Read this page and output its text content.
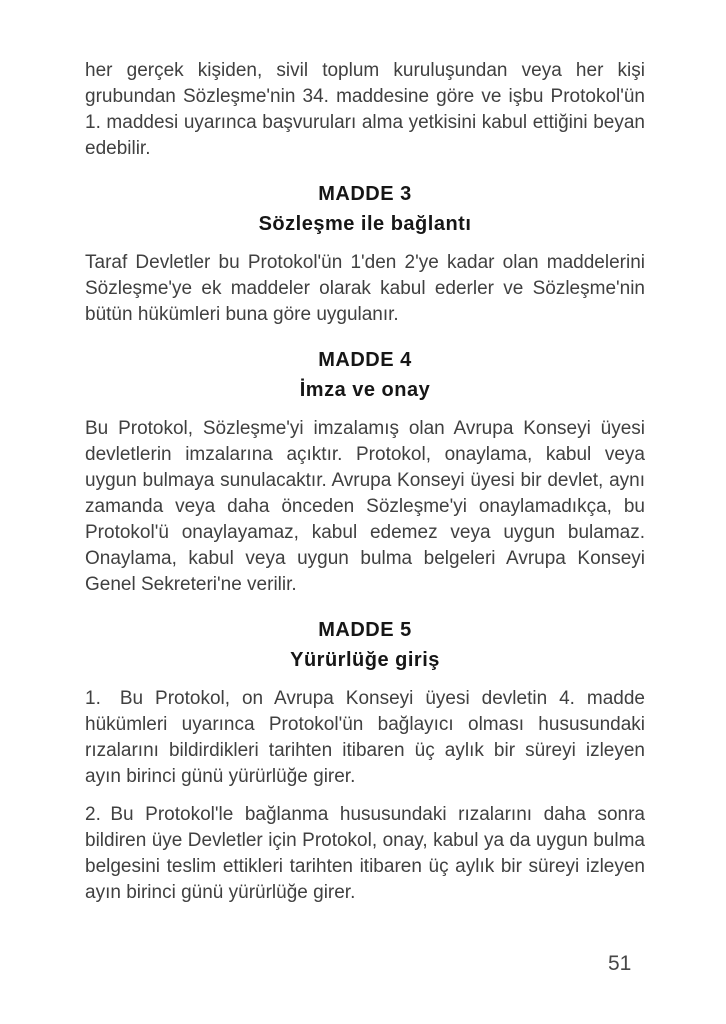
her gerçek kişiden, sivil toplum kuruluşundan veya her kişi grubundan Sözleşme'nin 34. maddesine göre ve işbu Protokol'ün 1. maddesi uyarınca başvuruları alma yetkisini kabul ettiğini beyan edebilir.

MADDE 3
Sözleşme ile bağlantı

Taraf Devletler bu Protokol'ün 1'den 2'ye kadar olan maddelerini Sözleşme'ye ek maddeler olarak kabul ederler ve Sözleşme'nin bütün hükümleri buna göre uygulanır.

MADDE 4
İmza ve onay

Bu Protokol, Sözleşme'yi imzalamış olan Avrupa Konseyi üyesi devletlerin imzalarına açıktır. Protokol, onaylama, kabul veya uygun bulmaya sunulacaktır. Avrupa Konseyi üyesi bir devlet, aynı zamanda veya daha önceden Sözleşme'yi onaylamadıkça, bu Protokol'ü onaylayamaz, kabul edemez veya uygun bulamaz. Onaylama, kabul veya uygun bulma belgeleri Avrupa Konseyi Genel Sekreteri'ne verilir.

MADDE 5
Yürürlüğe giriş

1.  Bu Protokol, on Avrupa Konseyi üyesi devletin 4. madde hükümleri uyarınca Protokol'ün bağlayıcı olması hususundaki rızalarını bildirdikleri tarihten itibaren üç aylık bir süreyi izleyen ayın birinci günü yürürlüğe girer.

2. Bu Protokol'le bağlanma hususundaki rızalarını daha sonra bildiren üye Devletler için Protokol, onay, kabul ya da uygun bulma belgesini teslim ettikleri tarihten itibaren üç aylık bir süreyi izleyen ayın birinci günü yürürlüğe girer.

51
